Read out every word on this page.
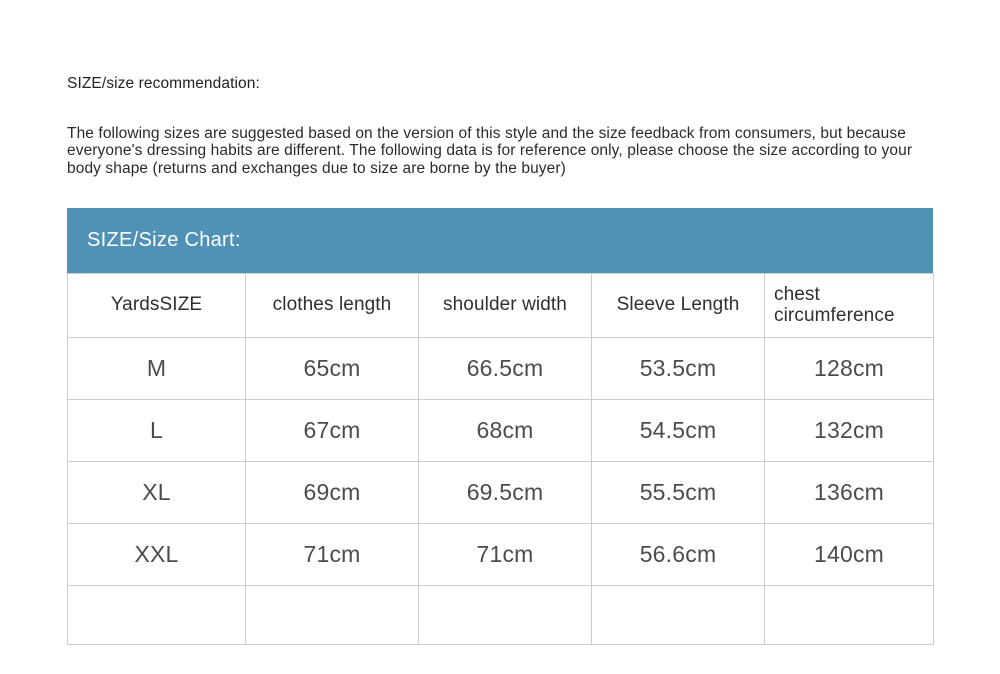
SIZE/size recommendation:

The following sizes are suggested based on the version of this style and the size feedback from consumers, but because everyone's dressing habits are different. The following data is for reference only, please choose the size according to your body shape (returns and exchanges due to size are borne by the buyer)

SIZE/Size Chart:
YardsSIZE	clothes length	shoulder width	Sleeve Length	chest circumference
M	65cm	66.5cm	53.5cm	128cm
L	67cm	68cm	54.5cm	132cm
XL	69cm	69.5cm	55.5cm	136cm
XXL	71cm	71cm	56.6cm	140cm
